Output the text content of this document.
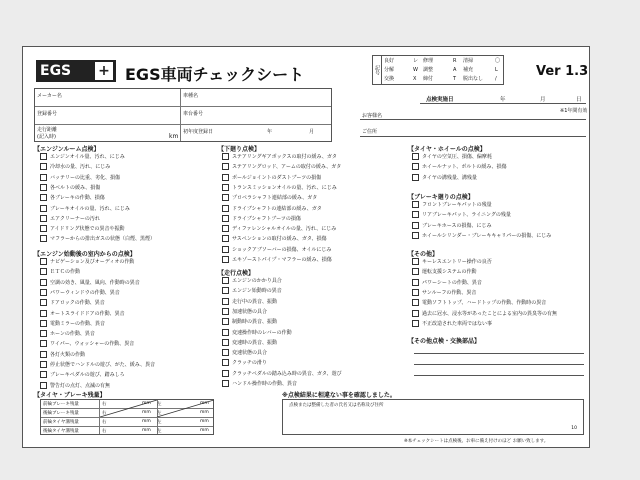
EGS + EGS車両チェックシート	Ver 1.3
記号
良好	レ 修理	R 清掃	〇
分解	W 調整	A 補充	L
交換	X 締付	T 脱出なし /
メーカー名	車種名
登録番号	車台番号
走行距離
(記入時)	km
初年度登録日	年	月
点検実施日	年	月	日
※1年間有効
お客様名
ご住所
【エンジンルーム点検】
エンジンオイル量、汚れ、にじみ
冷却水の量、汚れ、にじみ
バッテリーの比重、劣化、損傷
各ベルトの緩み、損傷
各ブレーキの作動、損傷
ブレーキオイルの量、汚れ、にじみ
エアクリーナーの汚れ
アイドリング状態での異音や振動
マフラーからの排出ガスの状態（白煙、黒煙）
【エンジン始動後の室内からの点検】
ナビゲーション及びオーディオの作動
ＥＴＣの作動
空調の効き、風量、風向、作動時の異音
パワーウィンドウの作動、異音
ドアロックの作動、異音
オートスライドドアの作動、異音
電動ミラーの作動、異音
ホーンの作動、異音
ワイパー、ウォッシャーの作動、異音
各灯火類の作動
停止状態でハンドルの遊び、がた、緩み、異音
ブレーキペダルの遊び、踏みしろ
警告灯の点灯、点滅の有無
【下廻り点検】
ステアリングギアボックスの取付の緩み、ガタ
ステアリングロッド、アームの取付の緩み、ガタ
ボールジョイントのダストブーツの損傷
トランスミッションオイルの量、汚れ、にじみ
プロペラシャフト連結部の緩み、ガタ
ドライブシャフトの連結部の緩み、ガタ
ドライブシャフトブーツの損傷
ディファレンシャルオイルの量、汚れ、にじみ
サスペンションの取付の緩み、ガタ、損傷
ショックアブソーバーの損傷、オイルにじみ
エキゾーストパイプ・マフラーの緩み、損傷
【走行点検】
エンジンのかかり具合
エンジン始動時の異音
走行中の異音、振動
加速状態の具合
制動時の異音、振動
変速操作時のレバーの作動
変速時の異音、振動
変速状態の具合
クラッチの滑り
クラッチペダルの踏み込み時の異音、ガタ、遊び
ハンドル操作時の作動、異音
【タイヤ・ホイールの点検】
タイヤの空気圧、損傷、偏摩耗
ホイールナット、ボルトの緩み、損傷
タイヤの溝残量、溝残量
【ブレーキ廻りの点検】
フロントブレーキパットの残量
リアブレーキパット、ライニングの残量
ブレーキホースの損傷、にじみ
ホイールシリンダー・ブレーキキャリパーの損傷、にじみ
【その他】
キーレスエントリー操作の良否
運転支援システムの作動
パワーシートの作動、異音
サンルーフの作動、異音
電動ソフトトップ、ハードトップの作動、作動時の異音
過去に冠水、浸水等があったことによる室内の異臭等の有無
不正改造された車両ではない事
【その他点検・交換部品】
【タイヤ・ブレーキ残量】
前輪ブレーキ残量	右	mm 左	mm
後輪ブレーキ残量	右	mm 左	mm
前輪タイヤ溝残量	右	mm 左	mm
後輪タイヤ溝残量	右	mm 左	mm
※点検結果に相違ない事を確認しました。
点検または整備した者の氏名又は名称及び住所
10
※本チェックシートは点検後、お車に備え付けのほど お願い致します。
